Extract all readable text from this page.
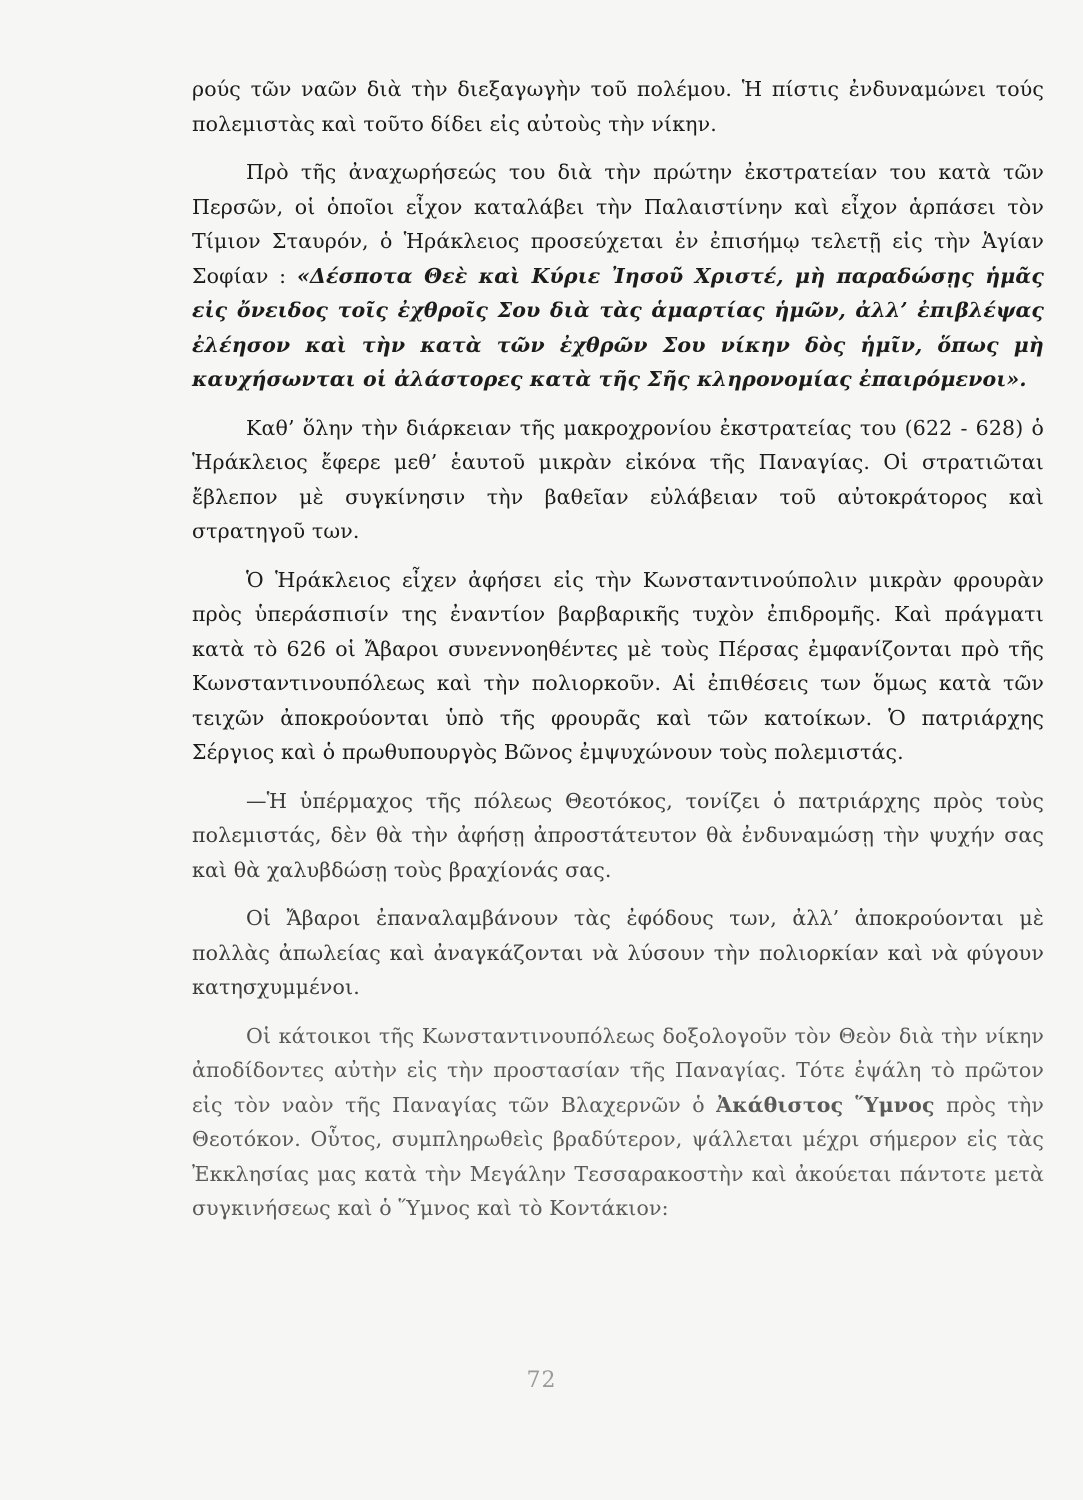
ρούς τῶν ναῶν διὰ τὴν διεξαγωγὴν τοῦ πολέμου. Ἡ πίστις ἐνδυναμώνει τούς πολεμιστὰς καὶ τοῦτο δίδει εἰς αὐτοὺς τὴν νίκην.

Πρὸ τῆς ἀναχωρήσεώς του διὰ τὴν πρώτην ἐκστρατείαν του κατὰ τῶν Περσῶν, οἱ ὁποῖοι εἶχον καταλάβει τὴν Παλαιστίνην καὶ εἶχον ἁρπάσει τὸν Τίμιον Σταυρόν, ὁ Ἡράκλειος προσεύχεται ἐν ἐπισήμῳ τελετῇ εἰς τὴν Ἁγίαν Σοφίαν : «Δέσποτα Θεὲ καὶ Κύριε Ἰησοῦ Χριστέ, μὴ παραδώσῃς ἡμᾶς εἰς ὄνειδος τοῖς ἐχθροῖς Σου διὰ τὰς ἁμαρτίας ἡμῶν, ἀλλ’ ἐπιβλέψας ἐλέησον καὶ τὴν κατὰ τῶν ἐχθρῶν Σου νίκην δὸς ἡμῖν, ὅπως μὴ καυχήσωνται οἱ ἀλάστορες κατὰ τῆς Σῆς κληρονομίας ἐπαιρόμενοι».

Καθ’ ὅλην τὴν διάρκειαν τῆς μακροχρονίου ἐκστρατείας του (622 - 628) ὁ Ἡράκλειος ἔφερε μεθ’ ἑαυτοῦ μικρὰν εἰκόνα τῆς Παναγίας. Οἱ στρατιῶται ἔβλεπον μὲ συγκίνησιν τὴν βαθεῖαν εὐλάβειαν τοῦ αὐτοκράτορος καὶ στρατηγοῦ των.

Ὁ Ἡράκλειος εἶχεν ἀφήσει εἰς τὴν Κωνσταντινούπολιν μικρὰν φρουρὰν πρὸς ὑπεράσπισίν της ἐναντίον βαρβαρικῆς τυχὸν ἐπιδρομῆς. Καὶ πράγματι κατὰ τὸ 626 οἱ Ἄβαροι συνεννοηθέντες μὲ τοὺς Πέρσας ἐμφανίζονται πρὸ τῆς Κωνσταντινουπόλεως καὶ τὴν πολιορκοῦν. Αἱ ἐπιθέσεις των ὅμως κατὰ τῶν τειχῶν ἀποκρούονται ὑπὸ τῆς φρουρᾶς καὶ τῶν κατοίκων. Ὁ πατριάρχης Σέργιος καὶ ὁ πρωθυπουργὸς Βῶνος ἐμψυχώνουν τοὺς πολεμιστάς.

—Ἡ ὑπέρμαχος τῆς πόλεως Θεοτόκος, τονίζει ὁ πατριάρχης πρὸς τοὺς πολεμιστάς, δὲν θὰ τὴν ἀφήσῃ ἀπροστάτευτον θὰ ἐνδυναμώσῃ τὴν ψυχήν σας καὶ θὰ χαλυβδώσῃ τοὺς βραχίονάς σας.

Οἱ Ἄβαροι ἐπαναλαμβάνουν τὰς ἐφόδους των, ἀλλ’ ἀποκρούονται μὲ πολλὰς ἀπωλείας καὶ ἀναγκάζονται νὰ λύσουν τὴν πολιορκίαν καὶ νὰ φύγουν κατησχυμμένοι.

Οἱ κάτοικοι τῆς Κωνσταντινουπόλεως δοξολογοῦν τὸν Θεὸν διὰ τὴν νίκην ἀποδίδοντες αὐτὴν εἰς τὴν προστασίαν τῆς Παναγίας. Τότε ἐψάλη τὸ πρῶτον εἰς τὸν ναὸν τῆς Παναγίας τῶν Βλαχερνῶν ὁ Ἀκάθιστος Ὕμνος πρὸς τὴν Θεοτόκον. Οὗτος, συμπληρωθεὶς βραδύτερον, ψάλλεται μέχρι σήμερον εἰς τὰς Ἐκκλησίας μας κατὰ τὴν Μεγάλην Τεσσαρακοστὴν καὶ ἀκούεται πάντοτε μετὰ συγκινήσεως καὶ ὁ Ὕμνος καὶ τὸ Κοντάκιον:

72
